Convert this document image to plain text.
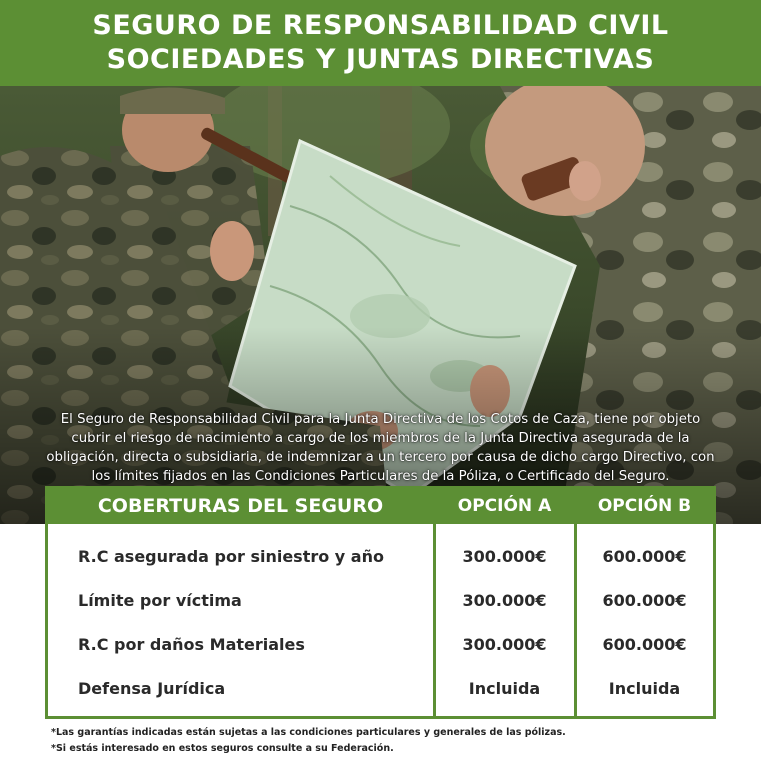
SEGURO DE RESPONSABILIDAD CIVIL
SOCIEDADES Y JUNTAS DIRECTIVAS
El Seguro de Responsabilidad Civil para la Junta Directiva de los Cotos de Caza, tiene por objeto cubrir el riesgo de nacimiento a cargo de los miembros de la Junta Directiva asegurada de la obligación, directa o subsidiaria, de indemnizar a un tercero por causa de dicho cargo Directivo, con los límites fijados en las Condiciones Particulares de la Póliza, o Certificado del Seguro.
COBERTURAS DEL SEGURO	OPCIÓN A	OPCIÓN B
R.C asegurada por siniestro y año	300.000€	600.000€
Límite por víctima	300.000€	600.000€
R.C por daños Materiales	300.000€	600.000€
Defensa Jurídica	Incluida	Incluida
*Las garantías indicadas están sujetas a las condiciones particulares y generales de las pólizas.
*Si estás interesado en estos seguros consulte a su Federación.
